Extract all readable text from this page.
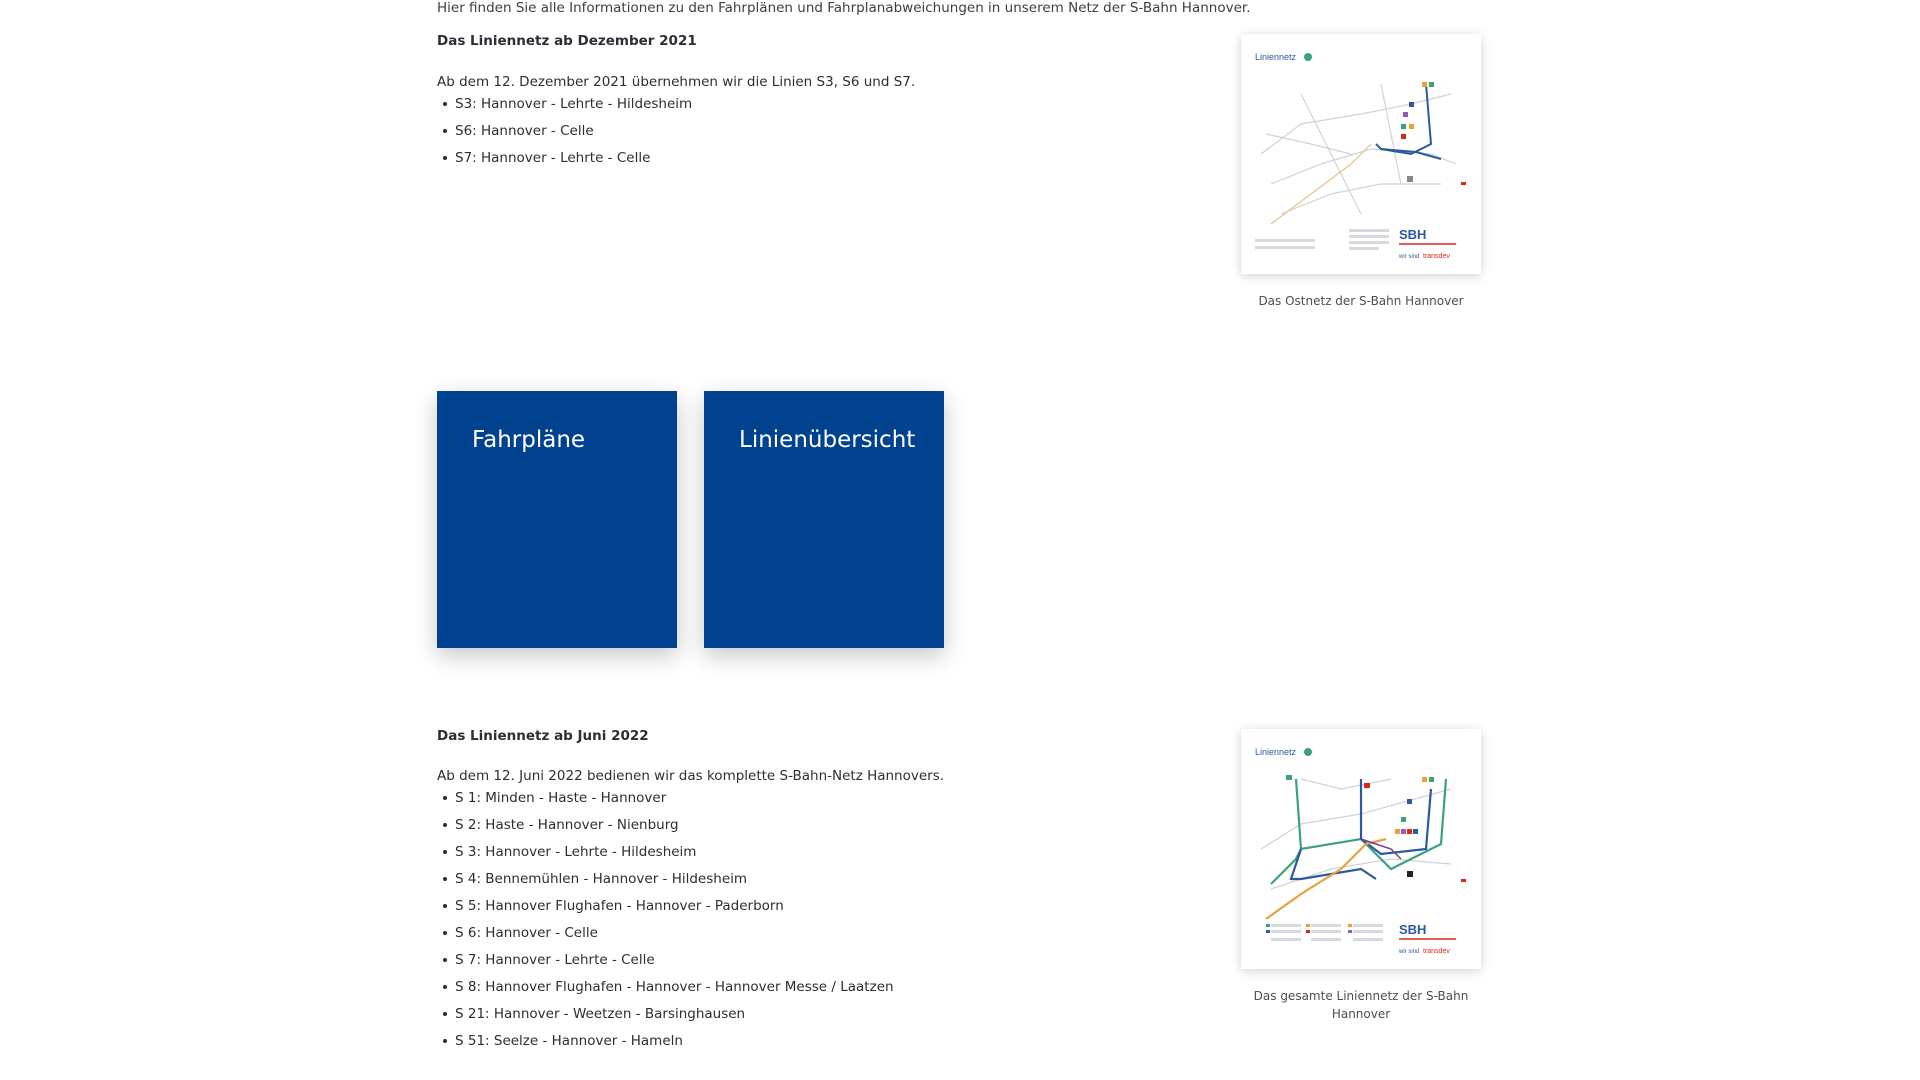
Hier finden Sie alle Informationen zu den Fahrplänen und Fahrplanabweichungen in unserem Netz der S-Bahn Hannover.
Das Liniennetz ab Dezember 2021
Ab dem 12. Dezember 2021 übernehmen wir die Linien S3, S6 und S7.
S3: Hannover - Lehrte - Hildesheim
S6: Hannover - Celle
S7: Hannover - Lehrte - Celle
Liniennetz
SBH
wir sind transdev
Das Ostnetz der S-Bahn Hannover
Fahrpläne	Linienübersicht
Das Liniennetz ab Juni 2022
Ab dem 12. Juni 2022 bedienen wir das komplette S-Bahn-Netz Hannovers.
S 1: Minden - Haste - Hannover
S 2: Haste - Hannover - Nienburg
S 3: Hannover - Lehrte - Hildesheim
S 4: Bennemühlen - Hannover - Hildesheim
S 5: Hannover Flughafen - Hannover - Paderborn
S 6: Hannover - Celle
S 7: Hannover - Lehrte - Celle
S 8: Hannover Flughafen - Hannover - Hannover Messe / Laatzen
S 21: Hannover - Weetzen - Barsinghausen
S 51: Seelze - Hannover - Hameln
Liniennetz
SBH
wir sind transdev
Das gesamte Liniennetz der S-Bahn Hannover
